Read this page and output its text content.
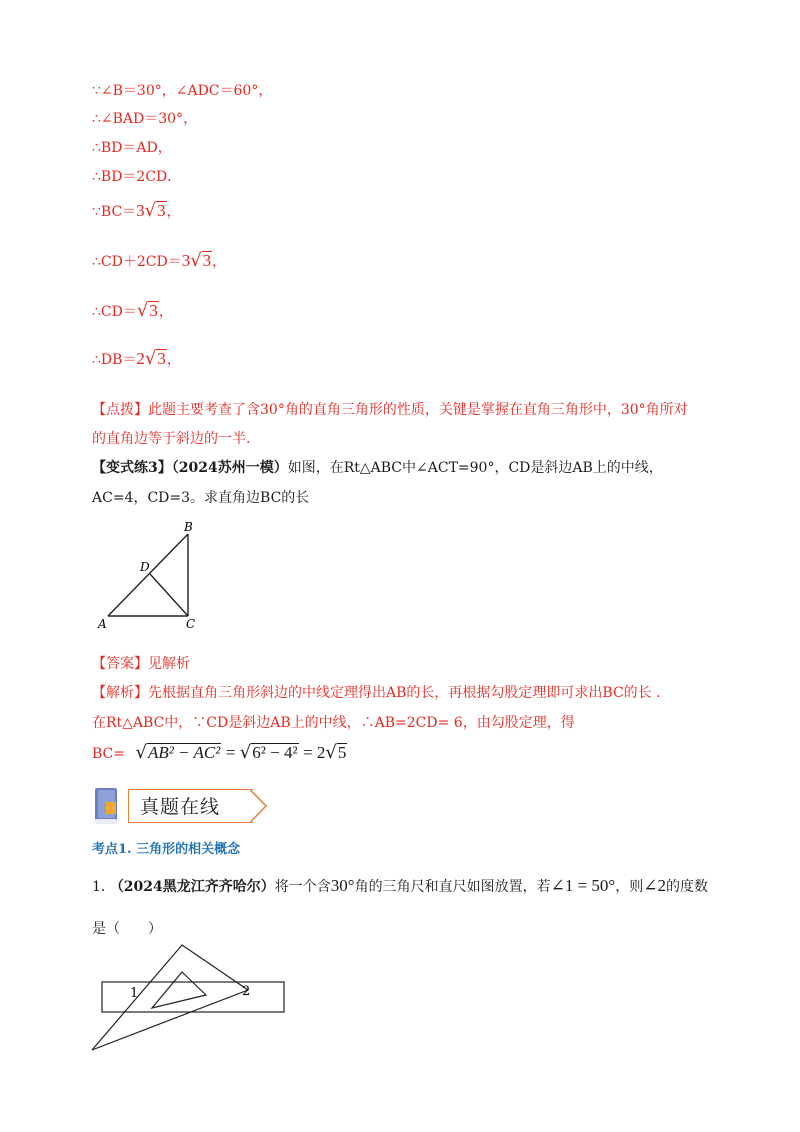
∵∠B＝30°，∠ADC＝60°，
∴∠BAD＝30°，
∴BD＝AD，
∴BD＝2CD．
∵BC＝3√3，
∴CD＋2CD＝3√3，
∴CD＝√3，
∴DB＝2√3，
【点拨】此题主要考查了含30°角的直角三角形的性质，关键是掌握在直角三角形中，30°角所对
的直角边等于斜边的一半.
【变式练3】（2024苏州一模）如图，在Rt△ABC中∠ACT=90°，CD是斜边AB上的中线，
AC=4，CD=3。求直角边BC的长
B
D
A	C
【答案】见解析
【解析】先根据直角三角形斜边的中线定理得出AB的长，再根据勾股定理即可求出BC的长 .
在Rt△ABC中，∵CD是斜边AB上的中线，∴AB=2CD= 6，由勾股定理，得
BC= √AB² − AC² = √6² − 4² = 2√5
真题在线
考点1. 三角形的相关概念
1. （2024黑龙江齐齐哈尔）将一个含30°角的三角尺和直尺如图放置，若∠1 = 50°，则∠2的度数
是（　　）
1	2
